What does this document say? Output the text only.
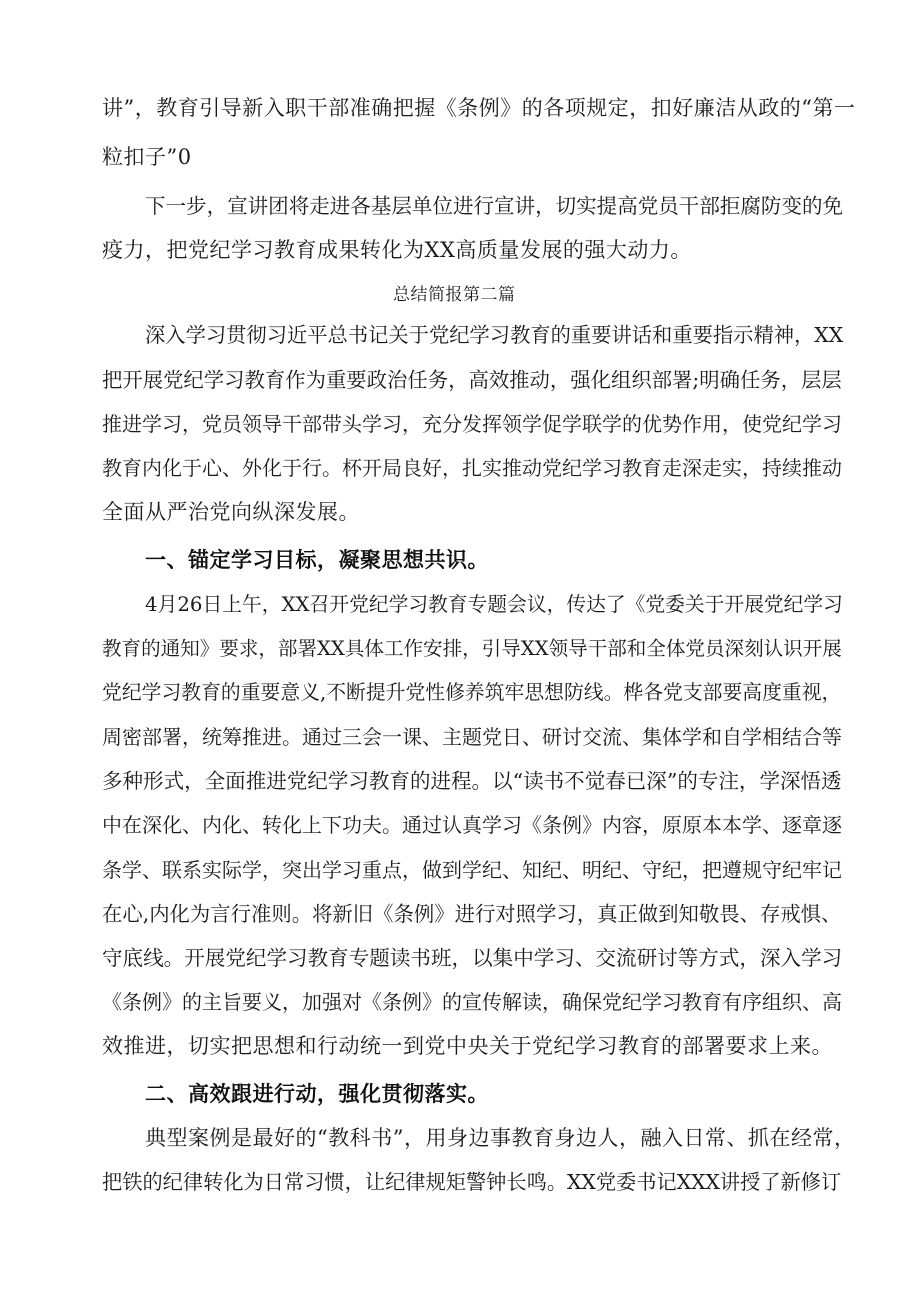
讲”，教育引导新入职干部准确把握《条例》的各项规定，扣好廉洁从政的“第一
粒扣子”0
下一步，宣讲团将走进各基层单位进行宣讲，切实提高党员干部拒腐防变的免
疫力，把党纪学习教育成果转化为XX高质量发展的强大动力。
总结简报第二篇
深入学习贯彻习近平总书记关于党纪学习教育的重要讲话和重要指示精神，XX
把开展党纪学习教育作为重要政治任务，高效推动，强化组织部署;明确任务，层层
推进学习，党员领导干部带头学习，充分发挥领学促学联学的优势作用，使党纪学习
教育内化于心、外化于行。杯开局良好，扎实推动党纪学习教育走深走实，持续推动
全面从严治党向纵深发展。
一、锚定学习目标，凝聚思想共识。
4月26日上午，XX召开党纪学习教育专题会议，传达了《党委关于开展党纪学习
教育的通知》要求，部署XX具体工作安排，引导XX领导干部和全体党员深刻认识开展
党纪学习教育的重要意义,不断提升党性修养筑牢思想防线。桦各党支部要高度重视，
周密部署，统筹推进。通过三会一课、主题党日、研讨交流、集体学和自学相结合等
多种形式，全面推进党纪学习教育的进程。以“读书不觉春已深”的专注，学深悟透
中在深化、内化、转化上下功夫。通过认真学习《条例》内容，原原本本学、逐章逐
条学、联系实际学，突出学习重点，做到学纪、知纪、明纪、守纪，把遵规守纪牢记
在心,内化为言行准则。将新旧《条例》进行对照学习，真正做到知敬畏、存戒惧、
守底线。开展党纪学习教育专题读书班，以集中学习、交流研讨等方式，深入学习
《条例》的主旨要义，加强对《条例》的宣传解读，确保党纪学习教育有序组织、高
效推进，切实把思想和行动统一到党中央关于党纪学习教育的部署要求上来。
二、高效跟进行动，强化贯彻落实。
典型案例是最好的“教科书”，用身边事教育身边人，融入日常、抓在经常，
把铁的纪律转化为日常习惯，让纪律规矩警钟长鸣。XX党委书记XXX讲授了新修订
